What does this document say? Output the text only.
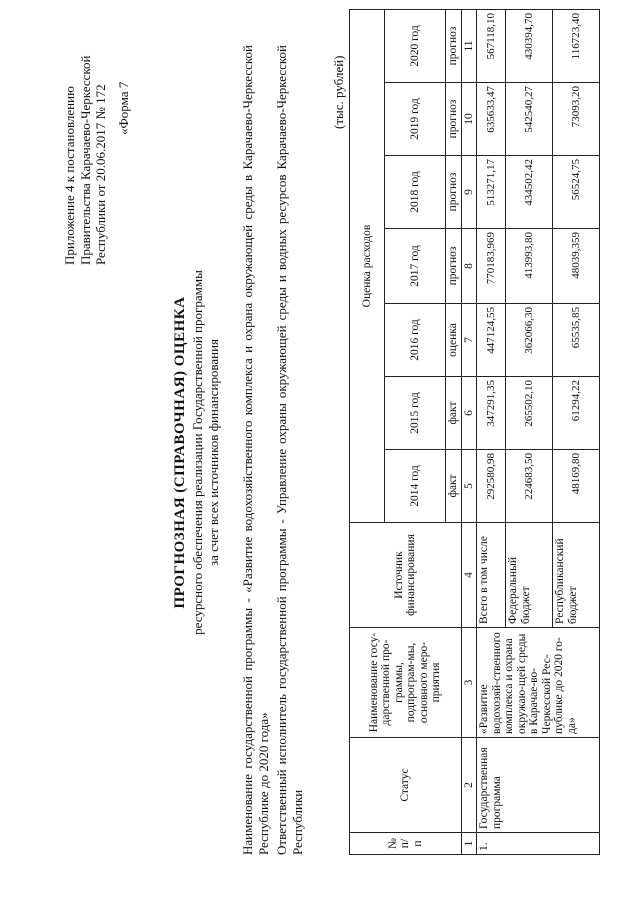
Приложение 4 к постановлению Правительства Карачаево-Черкесской Республики от 20.06.2017 № 172 «Форма 7
ПРОГНОЗНАЯ (СПРАВОЧНАЯ) ОЦЕНКА ресурсного обеспечения реализации Государственной программы за счет всех источников финансирования Наименование государственной программы - «Развитие водохозяйственного комплекса и охрана окружающей среды в Карачаево-Черкесской Республике до 2020 года» Ответственный исполнитель государственной программы - Управление охраны окружающей среды и водных ресурсов Карачаево-Черкесской Республики
(тыс. рублей)
№ п/п	Статус	Наименование госу-дарственной про-граммы, подпрограм-мы, основного меро-приятия	Источник финансирования	Оценка расходов						
				2014 год	2015 год	2016 год	2017 год	2018 год	2019 год	2020 год
				факт	факт	оценка	прогноз	прогноз	прогноз	прогноз
1	2	3	4	5	6	7	8	9	10	11
1.	Государственная программа	«Развитие водохозяй-ственного комплекса и охрана окружаю-щей среды в Карачае-во-Черкесской Рес-публике до 2020 го-да»	Всего в том числе	292580,98	347291,35	447124,55	770183,969	513271,17	635633,47	567118,10
			Федеральный бюджет	224683,50	265502,10	362066,30	413993,80	434502,42	542540,27	430394,70
			Республиканский бюджет	48169,80	61294,22	65535,85	48039,359	56524,75	73093,20	116723,40
